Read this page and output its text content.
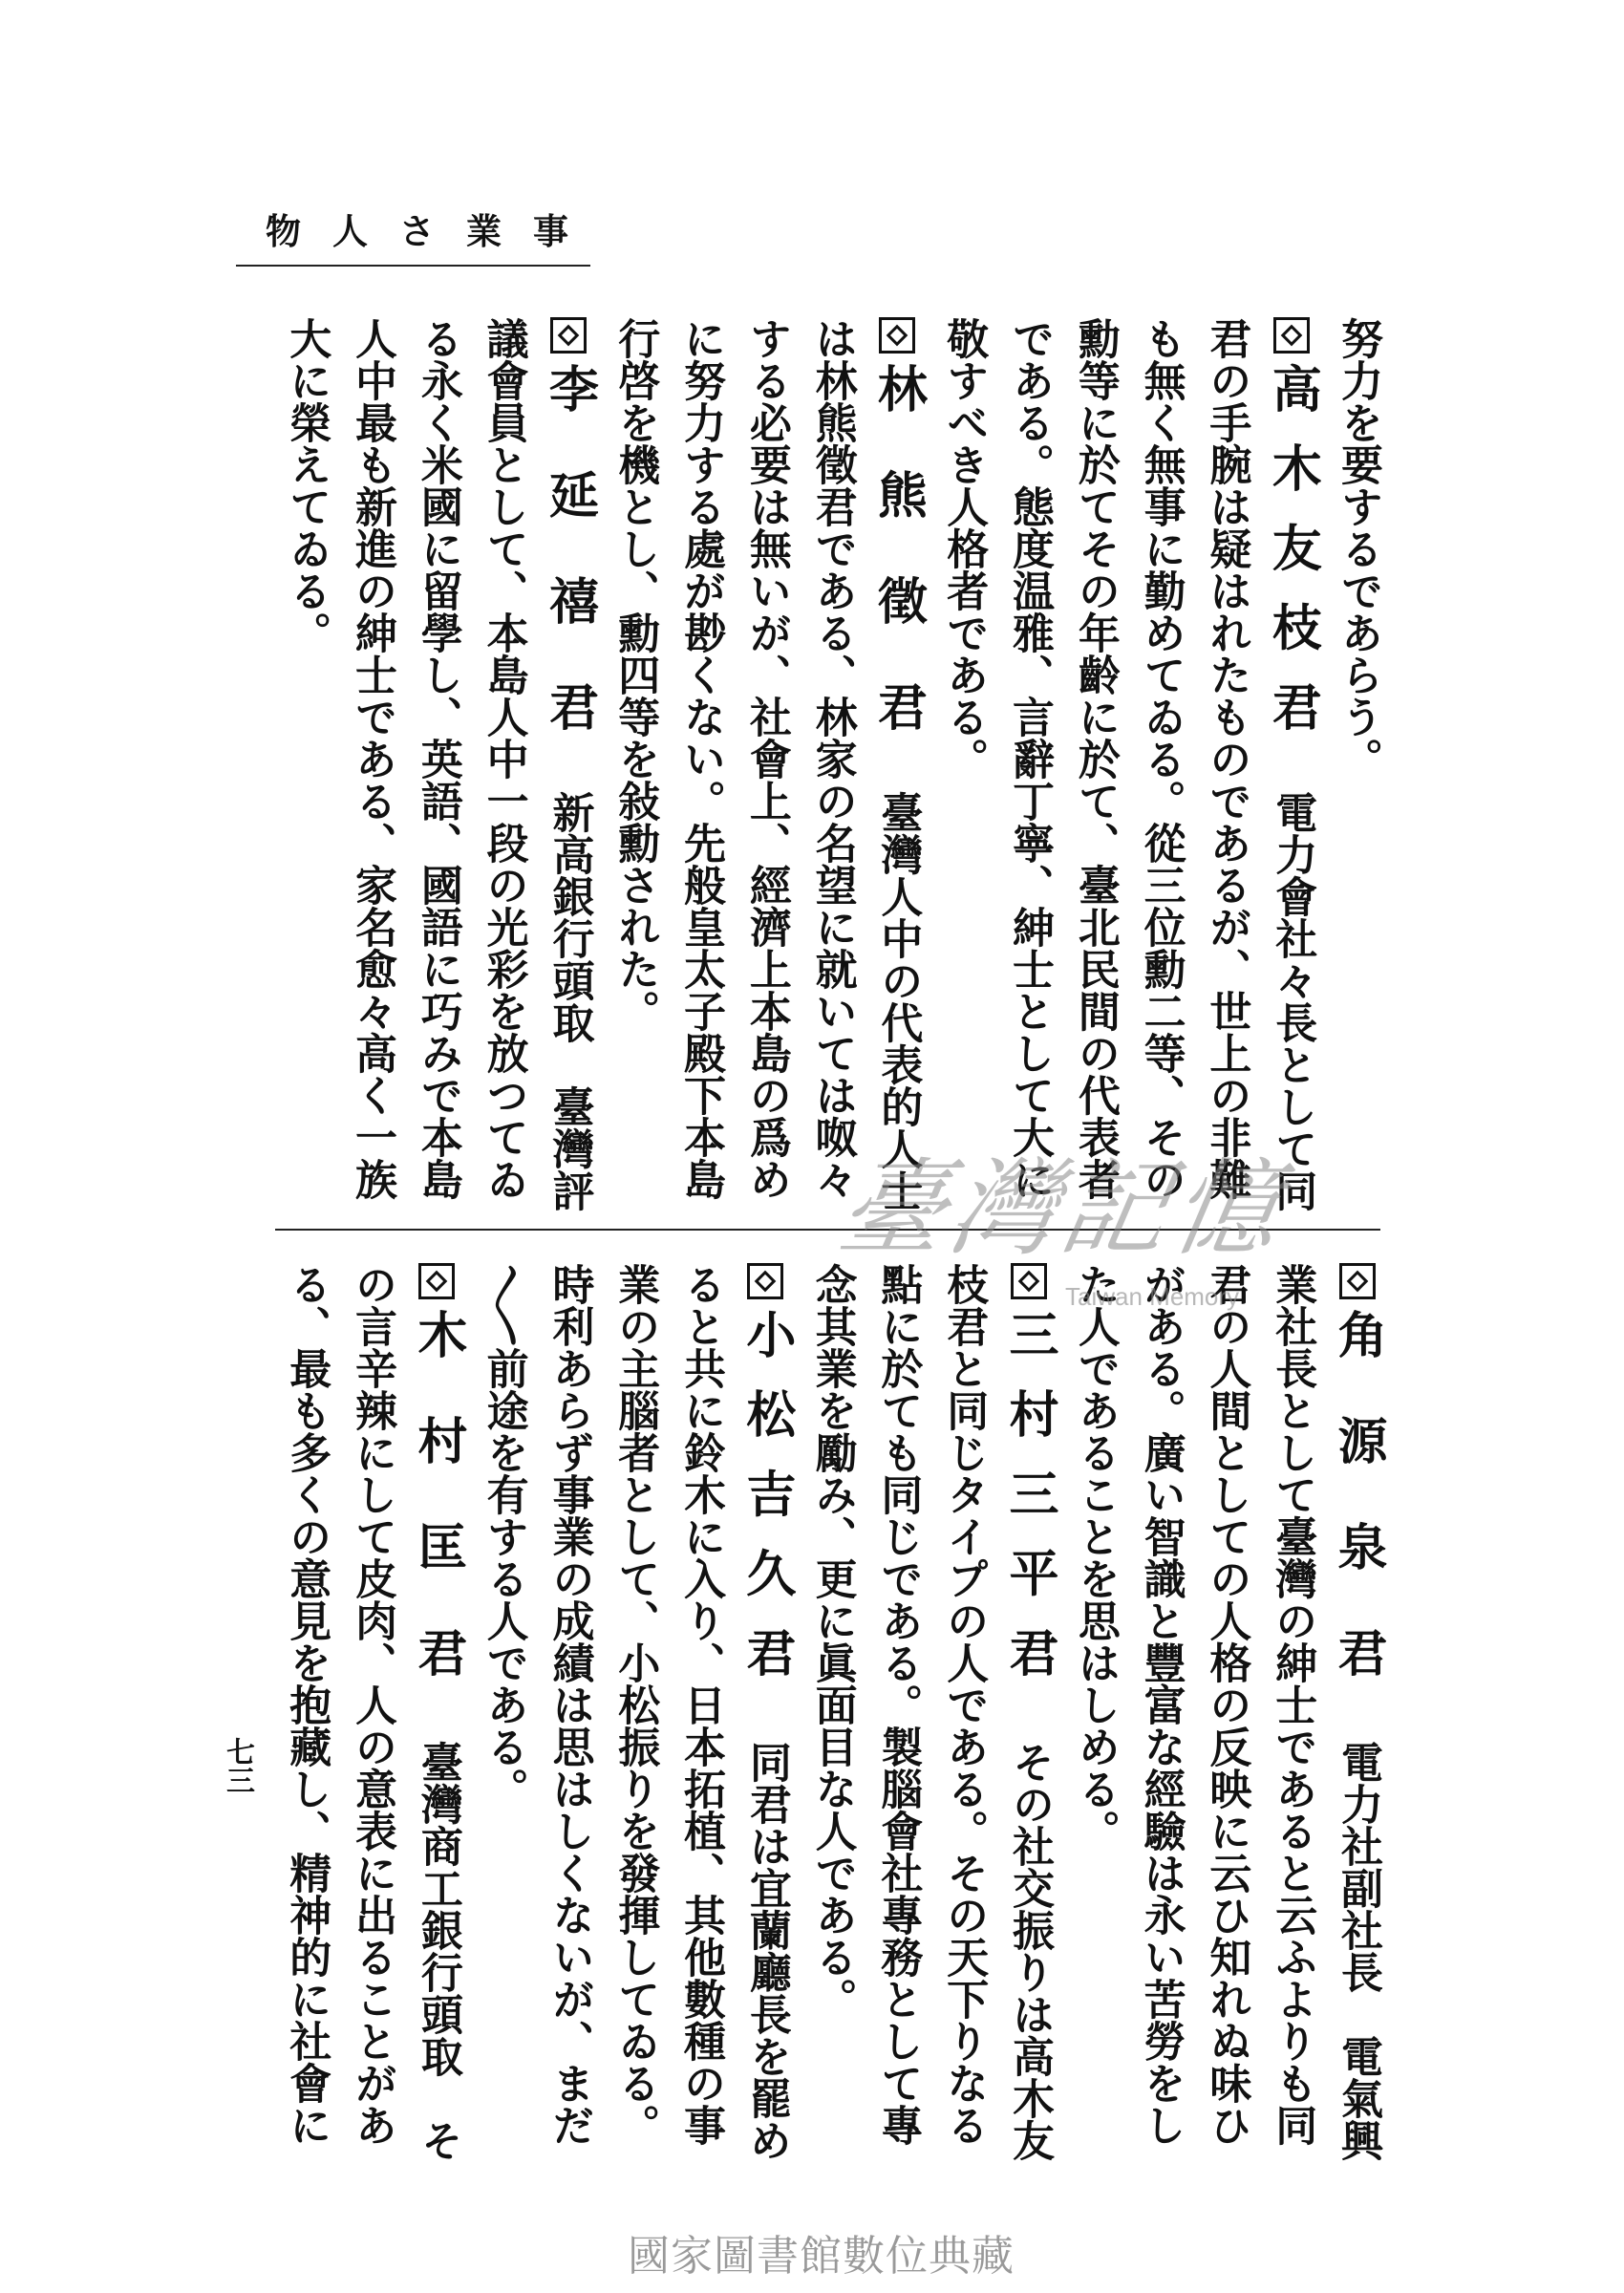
事業さ人物
努力を要するであらう。
高木友枝君
電力會社々長として同
君の手腕は疑はれたものであるが、世上の非難
も無く無事に勤めてゐる。從三位勳二等、その
勳等に於てその年齡に於て、臺北民間の代表者
である。態度温雅、言辭丁寧、紳士として大に
敬すべき人格者である。
林熊徵君
臺灣人中の代表的人士
は林熊徵君である、林家の名望に就いては呶々
する必要は無いが、社會上、經濟上本島の爲め
に努力する處が尠くない。先般皇太子殿下本島
行啓を機とし、勳四等を敍勳された。
李延禧君
新高銀行頭取　臺灣評
議會員として、本島人中一段の光彩を放つてゐ
る永く米國に留學し、英語、國語に巧みで本島
人中最も新進の紳士である、家名愈々高く一族
大に榮えてゐる。
角源泉君
電力社副社長　電氣興
業社長として臺灣の紳士であると云ふよりも同
君の人間としての人格の反映に云ひ知れぬ味ひ
がある。廣い智識と豐富な經驗は永い苦勞をし
た人であることを思はしめる。
三村三平君
その社交振りは高木友
枝君と同じタイプの人である。その天下りなる
點に於ても同じである。製腦會社專務として專
念其業を勵み、更に眞面目な人である。
小松吉久君
同君は宜蘭廳長を罷め
ると共に鈴木に入り、日本拓植、其他數種の事
業の主腦者として、小松振りを發揮してゐる。
時利あらず事業の成績は思はしくないが、まだ
〳〵前途を有する人である。
木村匡君
臺灣商工銀行頭取　そ
の言辛辣にして皮肉、人の意表に出ることがあ
る、最も多くの意見を抱藏し、精神的に社會に
七三
臺灣記憶
Taiwan Memory
國家圖書館數位典藏
